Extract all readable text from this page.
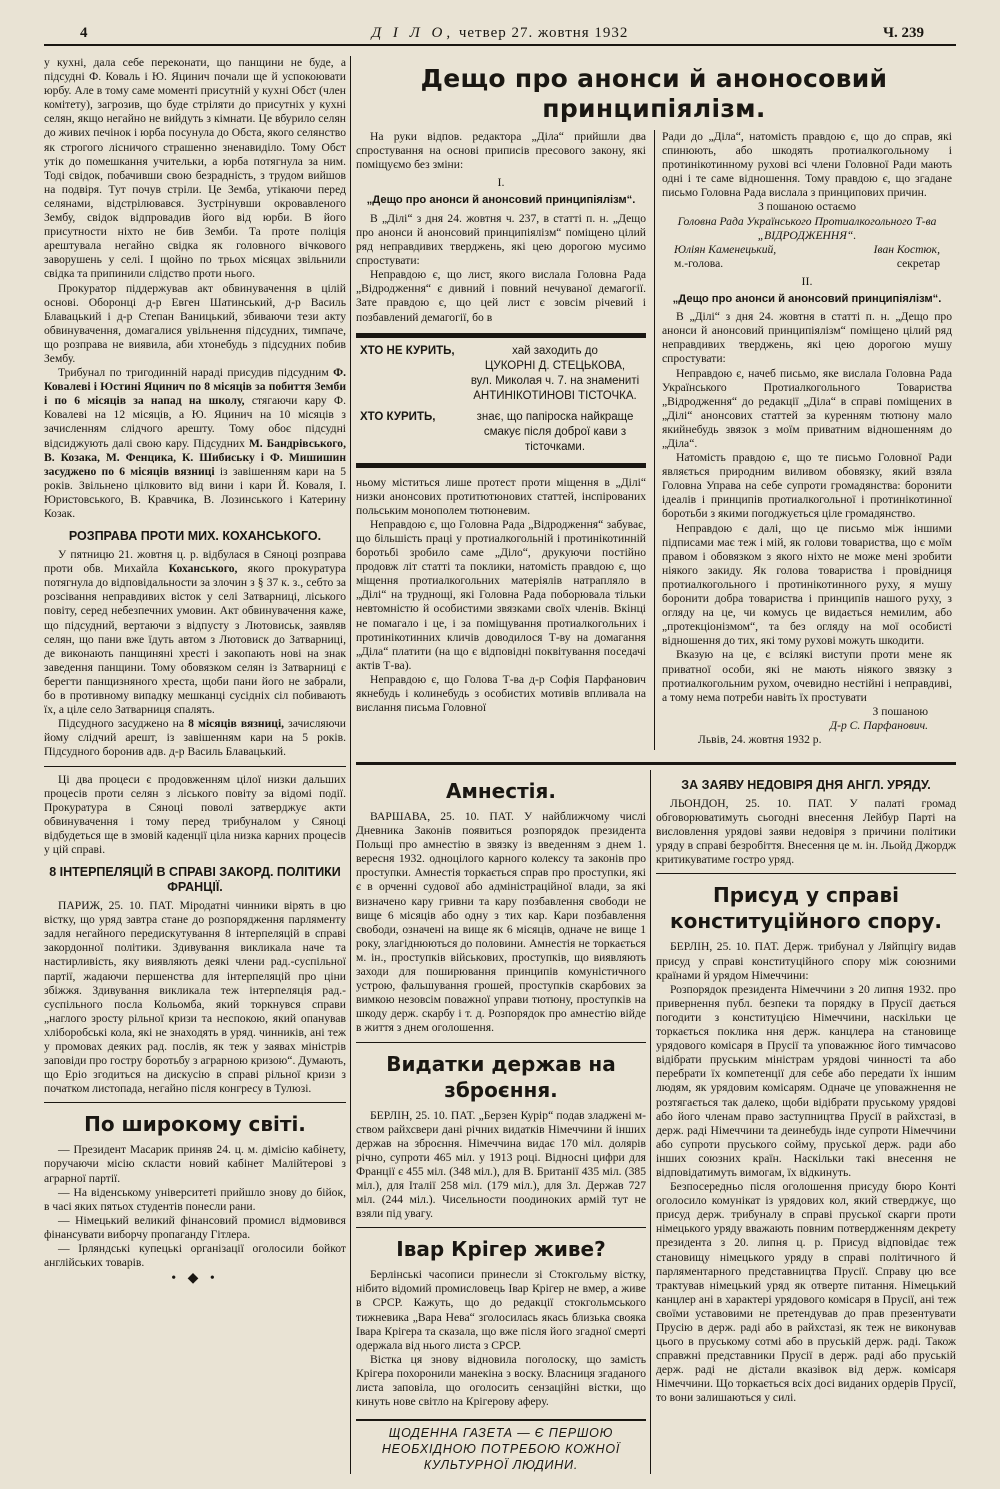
4	Д І Л О, четвер 27. жовтня 1932	Ч. 239

у кухні, дала себе переконати, що панщини не буде, а підсудні Ф. Коваль і Ю. Яцинич почали ще й успокоювати юрбу. Але в тому саме моменті присутній у кухні Обст (член комітету), загрозив, що буде стріляти до присутніх у кухні селян, якщо негайно не вийдуть з кімнати. Це вбурило селян до живих печінок і юрба посунула до Обста, якого селянство як строгого лісничого страшенно зненавиділо. Тому Обст утік до помешкання учительки, а юрба потягнула за ним. Тоді свідок, побачивши свою безрадність, з трудом вийшов на подвіря. Тут почув стріли. Це Зембa, утікаючи перед селянами, відстрілювався. Зустрінувши окровавленого Зембу, свідок відпровадив його від юрби. В його присутности ніхто не бив Земби. Та проте поліція арештувала негайно свідка як головного вічкового заворушень у селі. І щойно по трьох місяцах звільнили свідка та припинили слідство проти нього.

Прокуратор піддержував акт обвинувачення в цілій основі. Оборонці д-р Евген Шатинський, д-р Василь Блавацький і д-р Степан Ваницький, збиваючи тези акту обвинувачення, домагалися увільнення підсудних, тимпаче, що розправа не виявила, аби хтонебудь з підсудних побив Зембу.

Трибунал по тригодинній нараді присудив підсудним Ф. Ковалеві і Юстині Яцинич по 8 місяців за побиття Земби і по 6 місяців за напад на школу, стягаючи кару Ф. Ковалеві на 12 місяців, а Ю. Яцинич на 10 місяців з зачисленням слідчого арешту. Тому обоє підсудні відсиджують далі свою кару. Підсудних М. Бандрівського, В. Козака, М. Фенцика, К. Шибиську і Ф. Мишишин засуджено по 6 місяців вязниці із завішенням кари на 5 років. Звільнено цілковито від вини і кари Й. Коваля, І. Юристовського, В. Кравчика, В. Лозинського і Катерину Козак.

РОЗПРАВА ПРОТИ МИХ. КОХАНСЬКОГО.

У пятницю 21. жовтня ц. р. відбулася в Сяноці розправа проти обв. Михайла Коханського, якого прокуратура потягнула до відповідальности за злочин з § 37 к. з., себто за розсівання неправдивих вісток у селі Затварниці, ліського повіту, серед небезпечних умовин. Акт обвинувачення каже, що підсудний, вертаючи з відпусту з Лютовиськ, заявляв селян, що пани вже їдуть автом з Лютовиск до Затварниці, де виконають панщиняні хресті і закопають нові на знак заведення панщини. Тому обовязком селян із Затварниці є берегти панщизняного хреста, щоби пани його не забрали, бо в противному випадку мешканці сусідніх сіл побивають їх, а ціле село Затварниця спалять.

Підсудного засуджено на 8 місяців вязниці, зачисляючи йому слідчий арешт, із завішенням кари на 5 років. Підсудного боронив адв. д-р Василь Блавацький.

Ці два процеси є продовженням цілої низки дальших процесів проти селян з ліського повіту за відомі події. Прокуратура в Сяноці поволі затверджує акти обвинувачення і тому перед трибуналом у Сяноці відбудеться ще в змовій каденції ціла низка карних процесів у цій справі.

8 ІНТЕРПЕЛЯЦІЙ В СПРАВІ ЗАКОРД. ПОЛІТИКИ ФРАНЦІЇ.

ПАРИЖ, 25. 10. ПАТ. Міродатні чинники вірять в цю вістку, що уряд завтра стане до розпорядження парляменту задля негайного передискутування 8 інтерпеляцій в справі закордонної політики. Здивування викликала наче та настирливість, яку виявляють деякі члени рад.-суспільної партії, жадаючи першенства для інтерпеляцій про ціни збіжжя. Здивування викликала теж інтерпеляція рад.-суспільного посла Кольомба, який торкнувся справи „наглого зросту рільної кризи та неспокою, який опанував хліборобські кола, які не знаходять в уряд. чинників, ані теж у промовах деяких рад. послів, як теж у заявах міністрів заповіди про гостру боротьбу з аграрною кризою“. Думають, що Еріо згодиться на дискусію в справі рільної кризи з початком листопада, негайно після конгресу в Тулюзі.

По широкому світі.

— Президент Масарик приняв 24. ц. м. дімісію кабінету, поручаючи місію скласти новий кабінет Малійтерові з аграрної партії.

— На віденському університеті прийшло знову до бійок, в часі яких пятьох студентів понесли рани.

— Німецький великий фінансовий промисл відмовився фінансувати виборчу пропаганду Гітлера.

— Ірляндські купецькі організації оголосили бойкот англійських товарів.

• ◆ •
Дещо про анонси й аноносовий принципіялізм.

На руки відпов. редактора „Діла“ прийшли два спростування на основі приписів пресового закону, які поміщуємо без зміни:

І.
„Дещо про анонси й анонсовий принципіялізм“.

В „Ділі“ з дня 24. жовтня ч. 237, в статті п. н. „Дещо про анонси й анонсовий принципіялізм“ поміщено цілий ряд неправдивих тверджень, які цею дорогою мусимо спростувати:

Неправдою є, що лист, якого вислала Головна Рада „Відродження“ є дивний і повний нечуваної демагогії. Зате правдою є, що цей лист є зовсім річевий і позбавлений демагогії, бо в

ХТО НЕ КУРИТЬ,	хай заходить до
ЦУКОРНІ Д. СТЕЦЬКОВА,
вул. Миколая ч. 7. на знамениті
АНТИНІКОТИНОВІ ТІСТОЧКА.
ХТО КУРИТЬ,	знає, що папіроска найкраще смакує після доброї кави з тісточками.

ньому міститься лише протест проти міщення в „Ділі“ низки анонсових протитютюнових статтей, інспірованих польським монополем тютюневим.

Неправдою є, що Головна Рада „Відродження“ забуває, що більшість праці у протиалкогольній і протинікотинній боротьбі зробило саме „Діло“, друкуючи постійно продовж літ статті та поклики, натомість правдою є, що міщення протиалкогольних матеріялів натрапляло в „Ділі“ на труднощі, які Головна Рада поборювала тільки невтомністю й особистими звязками своїх членів. Вкінці не помагало і це, і за поміщування протиалкогольних і протинікотинних кличів доводилося Т-ву на домагання „Діла“ платити (на що є відповідні поквітування поседачі актів Т-ва).

Неправдою є, що Голова Т-ва д-р Софія Парфанович якнебудь і колинебудь з особистих мотивів впливала на вислання письма Головної

Ради до „Діла“, натомість правдою є, що до справ, які спинюють, або шкодять протиалкогольному і протинікотинному рухові всі члени Головної Ради мають одні і те саме відношення. Тому правдою є, що згадане письмо Головна Рада вислала з принципових причин.

З пошаною остаємо

Головна Рада Українського Протиалкогольного Т-ва „ВІДРОДЖЕННЯ“.

Юліян Каменецький,	Іван Костюк,
м.-голова.	секретар
II.
„Дещо про анонси й анонсовий принципіялізм“.

В „Ділі“ з дня 24. жовтня в статті п. н. „Дещо про анонси й анонсовий принципіялізм“ поміщено цілий ряд неправдивих тверджень, які цею дорогою мушу спростувати:

Неправдою є, начеб письмо, яке вислала Головна Рада Українського Протиалкогольного Товариства „Відродження“ до редакції „Діла“ в справі поміщених в „Ділі“ анонсових статтей за куренням тютюну мало якийнебудь звязок з моїм приватним відношенням до „Діла“.

Натомість правдою є, що те письмо Головної Ради являється природним виливом обовязку, який взяла Головна Управа на себе супроти громадянства: боронити ідеалів і принципів протиалкогольної і протинікотинної боротьби з якими погоджується ціле громадянство.

Неправдою є далі, що це письмо між іншими підписами має теж і мій, як голови товариства, що є моїм правом і обовязком з якого ніхто не може мені зробити ніякого закиду. Як голова товариства і провідниця протиалкогольного і протинікотинного руху, я мушу боронити добра товариства і принципів нашого руху, з огляду на це, чи комусь це видається немилим, або „протекціонізмом“, та без огляду на мої особисті відношення до тих, які тому рухові можуть шкодити.

Вказую на це, є всілякі виступи проти мене як приватної особи, які не мають ніякого звязку з протиалкогольним рухом, очевидно нестійні і неправдиві, а тому нема потреби навіть їх простувати

З пошаною

Д-р С. Парфанович.

Львів, 24. жовтня 1932 р.

Амнестія.

ВАРШАВА, 25. 10. ПАТ. У найближчому числі Дневника Законів появиться розпорядок президента Польщі про амнестію в звязку із введенням з днем 1. вересня 1932. одноцілого карного колексу та законів про проступки. Амнестія торкається справ про проступки, які є в орченні судової або адміністраційної влади, за які визначено кару гривни та кару позбавлення свободи не вище 6 місяців або одну з тих кар. Кари позбавлення свободи, означені на вище як 6 місяців, одначе не вище 1 року, злагіднюються до половини. Амнестія не торкається м. ін., проступків військових, проступків, що виявляють заходи для поширювання принципів комуністичного устрою, фальшування грошей, проступків скарбових за вимкою незовсім поважної управи тютюну, проступків на шкоду держ. скарбу і т. д. Розпорядок про амнестію війде в життя з днем оголошення.

Видатки держав на зброєння.

БЕРЛІН, 25. 10. ПАТ. „Берзен Курір“ подав зладжені м-ством райхсвери дані річних видатків Німеччини й інших держав на зброєння. Німеччина видає 170 міл. долярів річно, супроти 465 міл. у 1913 році. Відносні цифри для Франції є 455 міл. (348 міл.), для В. Британії 435 міл. (385 міл.), для Італії 258 міл. (179 міл.), для Зл. Держав 727 міл. (244 міл.). Чисельности поодиноких армій тут не взяли під увагу.

Івар Крігер живе?

Берлінські часописи принесли зі Стокгольму вістку, нібито відомий промисловець Івар Крігер не вмер, а живе в СРСР. Кажуть, що до редакції стокгольмського тижневика „Вара Нева“ зголосилась якась близька свояка Івара Крігера та сказала, що вже після його згадної смерті одержала від нього листа з СРСР.

Вістка ця знову відновила поголоску, що замість Крігера похоронили манекіна з воску. Власниця згаданого листа заповіла, що оголосить сензаційні вістки, що кинуть нове світло на Крігерову аферу.

ЩОДЕННА ГАЗЕТА — Є ПЕРШОЮ НЕОБХІДНОЮ ПОТРЕБОЮ КОЖНОЇ КУЛЬТУРНОЇ ЛЮДИНИ.
ЗА ЗАЯВУ НЕДОВІРЯ ДНЯ АНГЛ. УРЯДУ.

ЛЬОНДОН, 25. 10. ПАТ. У палаті громад обговорюватимуть сьогодні внесення Лейбур Парті на висловлення урядові заяви недовіря з причини політики уряду в справі безробіття. Внесення це м. ін. Льойд Джордж критикуватиме гостро уряд.

Присуд у справі конституційного спору.

БЕРЛІН, 25. 10. ПАТ. Держ. трибунал у Ляйпціґу видав присуд у справі конституційного спору між союзними країнами й урядом Німеччини:

Розпорядок президента Німеччини з 20 липня 1932. про привернення публ. безпеки та порядку в Прусії дається погодити з конституцією Німеччини, наскільки це торкається поклика ння держ. канцлера на становище урядового комісаря в Прусії та уповажнює його тимчасово відібрати пруським міністрам урядові чинності та або перебрати їх компетенції для себе або передати їх іншим людям, як урядовим комісарям. Одначе це уповажнення не розтягається так далеко, щоби відібрати пруському урядові або його членам право заступництва Прусії в райхстазі, в держ. раді Німеччини та деинебудь інде супроти Німеччини або супроти пруського сойму, пруської держ. ради або інших союзних країн. Наскільки такі внесення не відповідатимуть вимогам, їх відкинуть.

Безпосередньо після оголошення присуду бюро Конті оголосило комунікат із урядових кол, який стверджує, що присуд держ. трибуналу в справі пруської скарги проти німецького уряду вважають повним потвердженням декрету президента з 20. липня ц. р. Присуд відповідає теж становищу німецького уряду в справі політичного й парляментарного представництва Прусії. Справу цю все трактував німецький уряд як отверте питання. Німецький канцлер ані в характері урядового комісаря в Прусії, ані теж своїми уставовими не претендував до прав презентувати Прусію в держ. раді або в райхстазі, як теж не виконував цього в пруському сотмі або в пруській держ. раді. Також справжні представники Прусії в держ. раді або пруській держ. раді не дістали вказівок від держ. комісаря Німеччини. Що торкається всіх досі виданих ордерів Прусії, то вони залишаються у силі.
